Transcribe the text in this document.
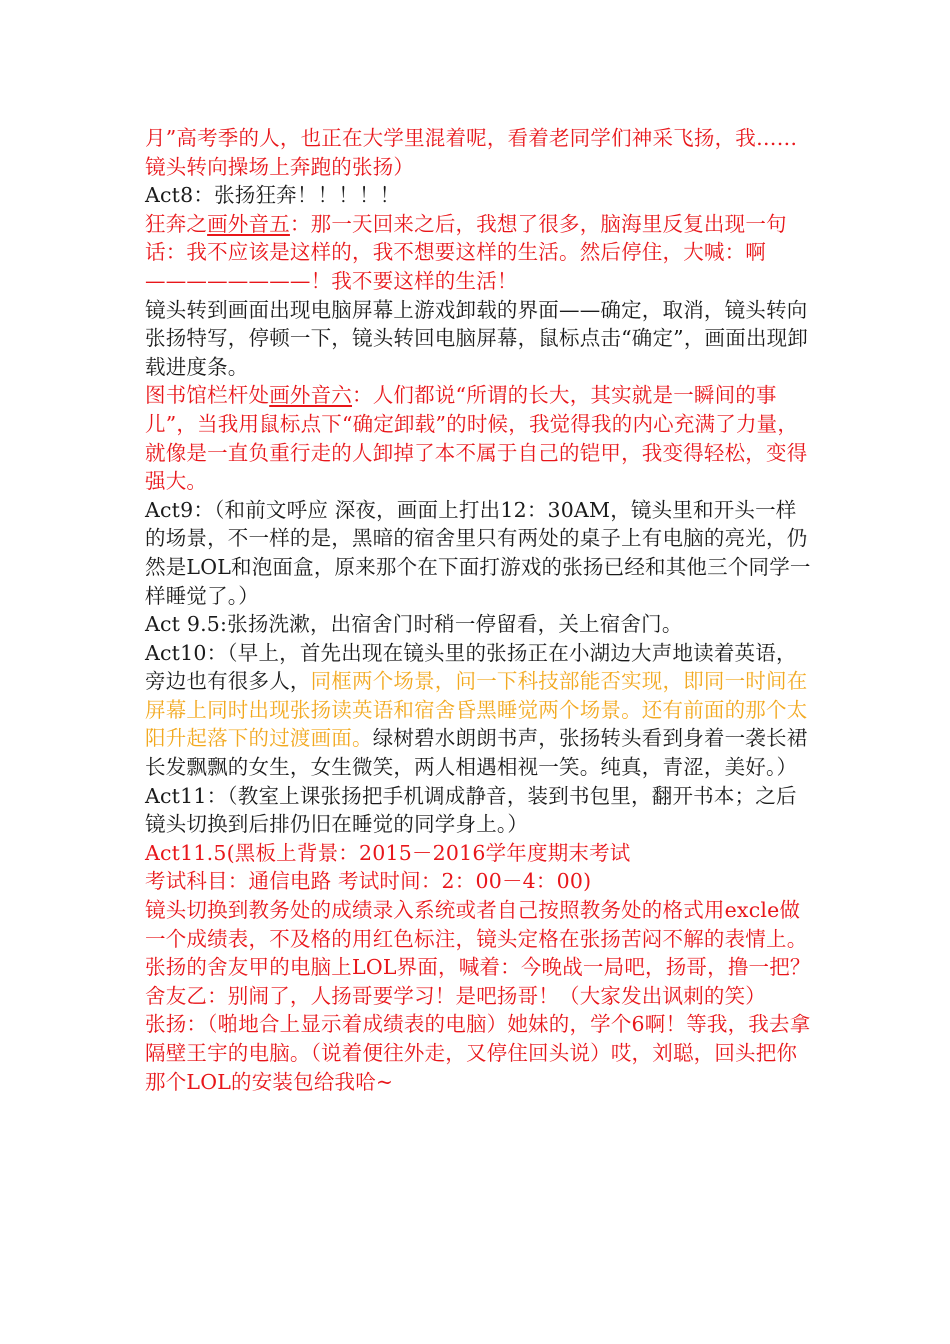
月”高考季的人，也正在大学里混着呢，看着老同学们神采飞扬，我……镜头转向操场上奔跑的张扬）

Act8：张扬狂奔！！！！！

狂奔之画外音五：那一天回来之后，我想了很多，脑海里反复出现一句话：我不应该是这样的，我不想要这样的生活。然后停住，大喊：啊————————！我不要这样的生活！

镜头转到画面出现电脑屏幕上游戏卸载的界面——确定，取消，镜头转向张扬特写，停顿一下，镜头转回电脑屏幕，鼠标点击“确定”，画面出现卸载进度条。

图书馆栏杆处画外音六：人们都说“所谓的长大，其实就是一瞬间的事儿”，当我用鼠标点下“确定卸载”的时候，我觉得我的内心充满了力量，就像是一直负重行走的人卸掉了本不属于自己的铠甲，我变得轻松，变得强大。

Act9：（和前文呼应 深夜，画面上打出12：30AM，镜头里和开头一样的场景，不一样的是，黑暗的宿舍里只有两处的桌子上有电脑的亮光，仍然是LOL和泡面盒，原来那个在下面打游戏的张扬已经和其他三个同学一样睡觉了。）

Act 9.5:张扬洗漱，出宿舍门时稍一停留看，关上宿舍门。

Act10：（早上，首先出现在镜头里的张扬正在小湖边大声地读着英语，旁边也有很多人，同框两个场景，问一下科技部能否实现，即同一时间在屏幕上同时出现张扬读英语和宿舍昏黑睡觉两个场景。还有前面的那个太阳升起落下的过渡画面。绿树碧水朗朗书声，张扬转头看到身着一袭长裙长发飘飘的女生，女生微笑，两人相遇相视一笑。纯真，青涩，美好。）

Act11：（教室上课张扬把手机调成静音，装到书包里，翻开书本；之后镜头切换到后排仍旧在睡觉的同学身上。）

Act11.5(黑板上背景：2015－2016学年度期末考试

考试科目：通信电路 考试时间：2：00－4：00)

镜头切换到教务处的成绩录入系统或者自己按照教务处的格式用excle做一个成绩表，不及格的用红色标注，镜头定格在张扬苦闷不解的表情上。

张扬的舍友甲的电脑上LOL界面，喊着：今晚战一局吧，扬哥，撸一把？

舍友乙：别闹了，人扬哥要学习！是吧扬哥！（大家发出讽刺的笑）

张扬：（啪地合上显示着成绩表的电脑）她妹的，学个6啊！等我，我去拿隔壁王宇的电脑。（说着便往外走，又停住回头说）哎，刘聪，回头把你那个LOL的安装包给我哈~
